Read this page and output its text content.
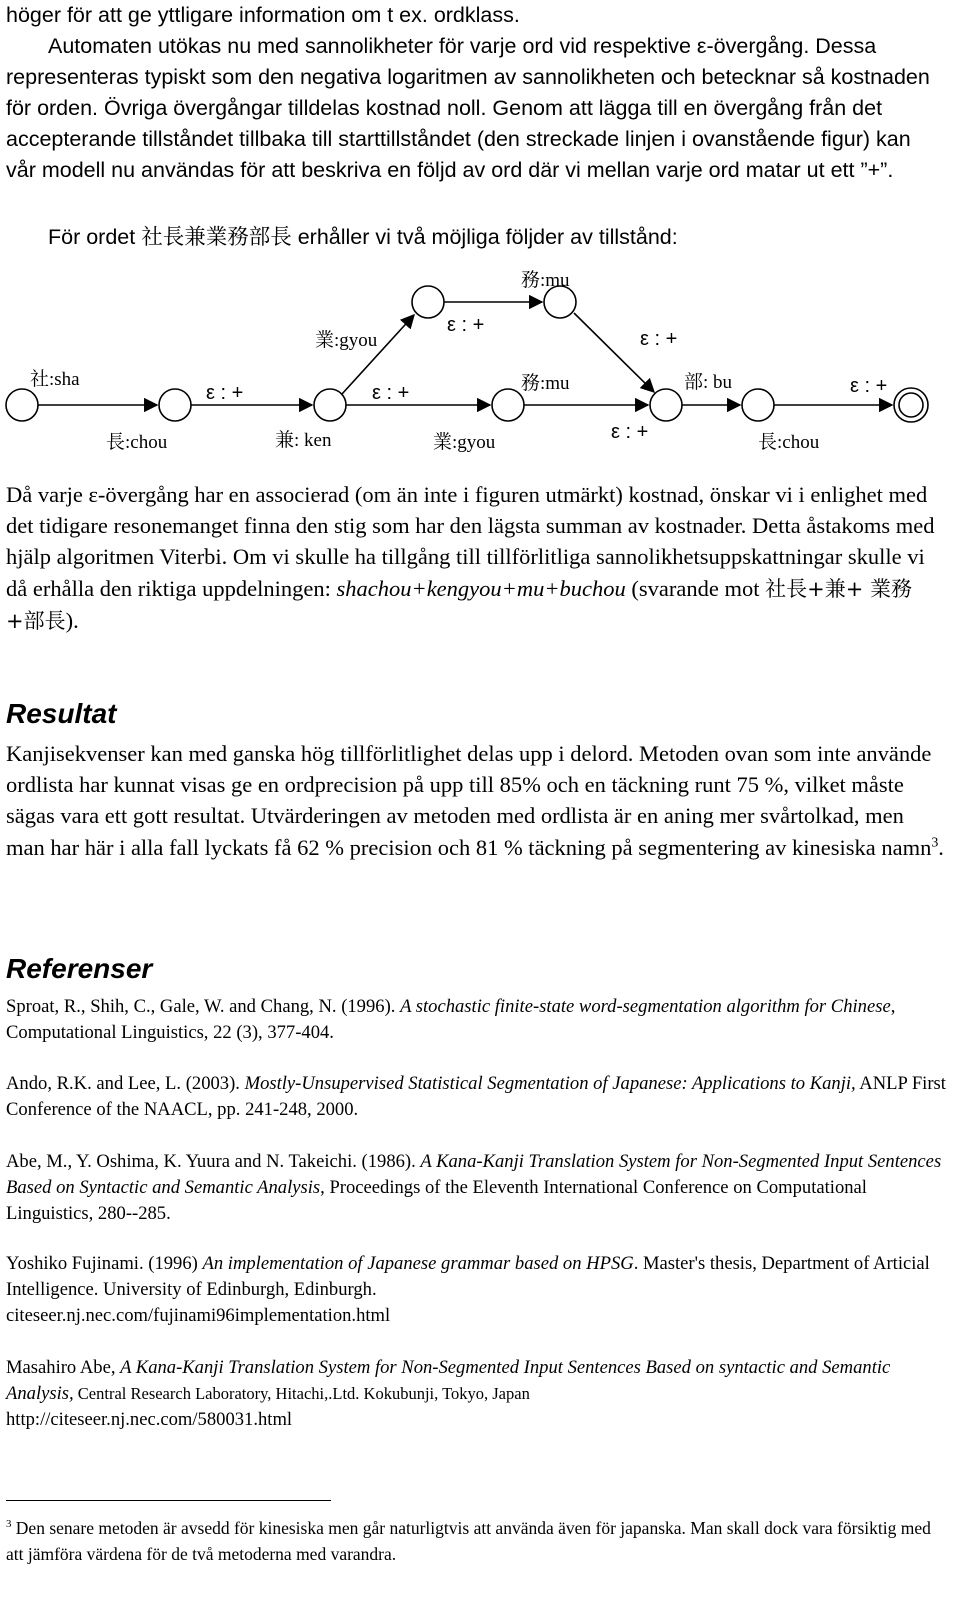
höger för att ge yttligare information om t ex. ordklass.

Automaten utökas nu med sannolikheter för varje ord vid respektive ε-övergång. Dessa representeras typiskt som den negativa logaritmen av sannolikheten och betecknar så kostnaden för orden. Övriga övergångar tilldelas kostnad noll. Genom att lägga till en övergång från det accepterande tillståndet tillbaka till starttillståndet (den streckade linjen i ovanstående figur) kan vår modell nu användas för att beskriva en följd av ord där vi mellan varje ord matar ut ett ”+”.

För ordet 社長兼業務部長 erhåller vi två möjliga följder av tillstånd:

社:sha
長:chou
ε : +
兼: ken
業:gyou
ε : +
ε : +
務:mu
務:mu
業:gyou	ε : +
ε : +
部: bu
長:chou
ε : +

Då varje ε-övergång har en associerad (om än inte i figuren utmärkt) kostnad, önskar vi i enlighet med det tidigare resonemanget finna den stig som har den lägsta summan av kostnader. Detta åstakoms med hjälp algoritmen Viterbi. Om vi skulle ha tillgång till tillförlitliga sannolikhetsuppskattningar skulle vi då erhålla den riktiga uppdelningen: shachou+kengyou+mu+buchou (svarande mot 社長+兼+ 業務+部長).

Resultat

Kanjisekvenser kan med ganska hög tillförlitlighet delas upp i delord. Metoden ovan som inte använde ordlista har kunnat visas ge en ordprecision på upp till 85% och en täckning runt 75 %, vilket måste sägas vara ett gott resultat. Utvärderingen av metoden med ordlista är en aning mer svårtolkad, men man har här i alla fall lyckats få 62 % precision och 81 % täckning på segmentering av kinesiska namn$^3$.

Referenser

Sproat, R., Shih, C., Gale, W. and Chang, N. (1996). A stochastic finite-state word-segmentation algorithm for Chinese, Computational Linguistics, 22 (3), 377-404.

Ando, R.K. and Lee, L. (2003). Mostly-Unsupervised Statistical Segmentation of Japanese: Applications to Kanji, ANLP First Conference of the NAACL, pp. 241-248, 2000.

Abe, M., Y. Oshima, K. Yuura and N. Takeichi. (1986). A Kana-Kanji Translation System for Non-Segmented Input Sentences Based on Syntactic and Semantic Analysis, Proceedings of the Eleventh International Conference on Computational Linguistics, 280--285.

Yoshiko Fujinami. (1996) An implementation of Japanese grammar based on HPSG. Master's thesis, Department of Articial Intelligence. University of Edinburgh, Edinburgh.
citeseer.nj.nec.com/fujinami96implementation.html

Masahiro Abe, A Kana-Kanji Translation System for Non-Segmented Input Sentences Based on syntactic and Semantic Analysis, Central Research Laboratory, Hitachi,.Ltd. Kokubunji, Tokyo, Japan
http://citeseer.nj.nec.com/580031.html

$^3$ Den senare metoden är avsedd för kinesiska men går naturligtvis att använda även för japanska. Man skall dock vara försiktig med att jämföra värdena för de två metoderna med varandra.
